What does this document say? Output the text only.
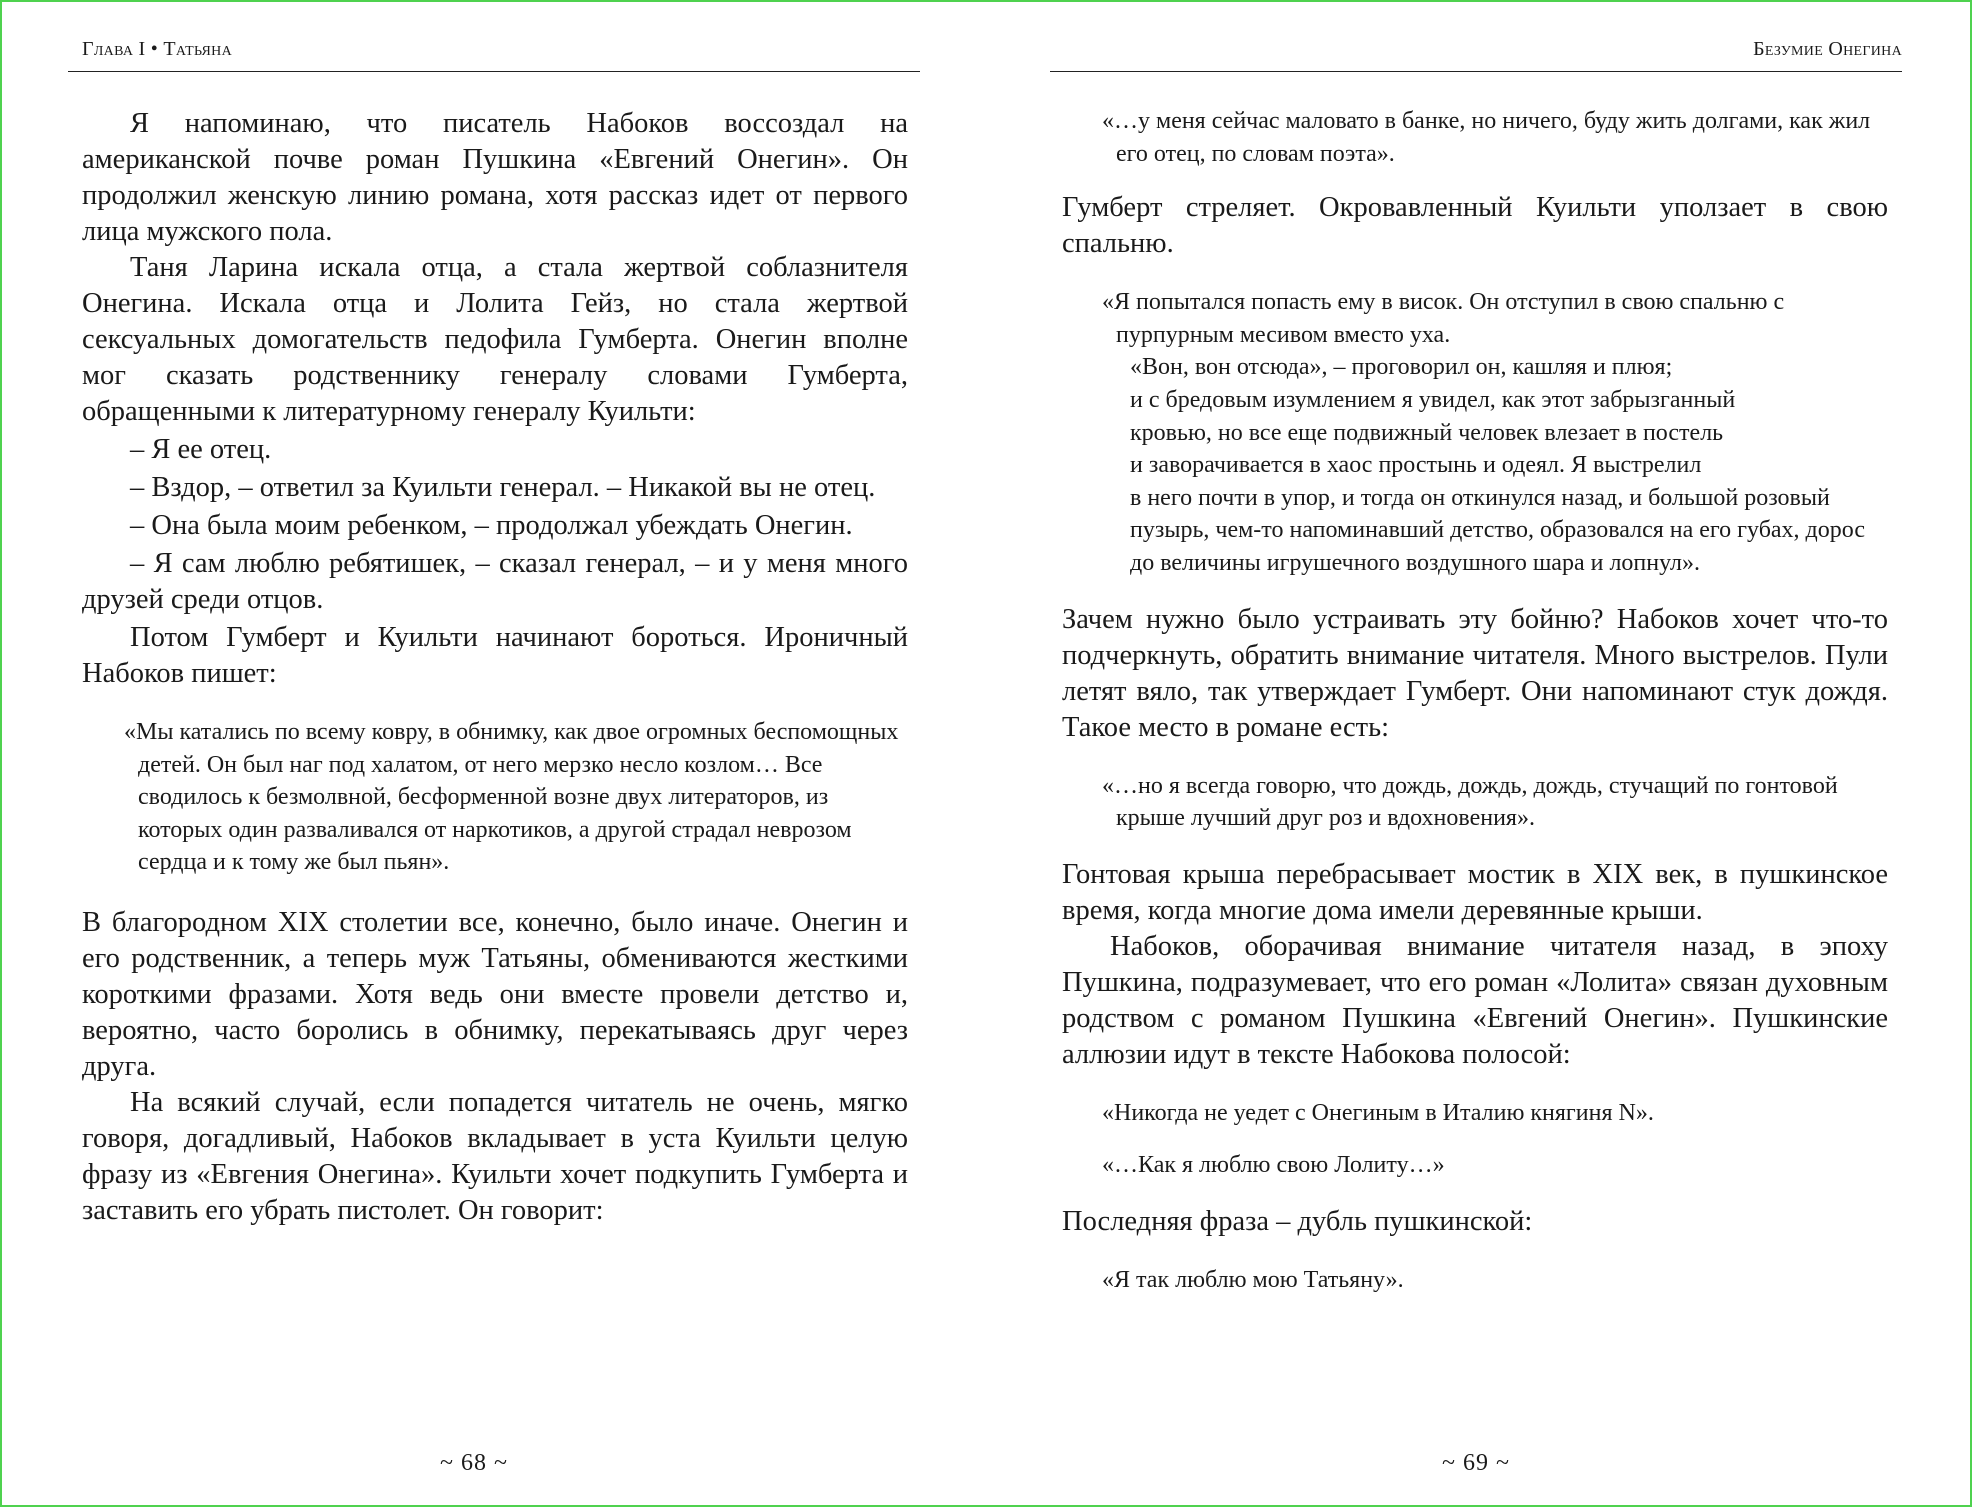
Глава I • Татьяна

Я напоминаю, что писатель Набоков воссоздал на американской почве роман Пушкина «Евгений Онегин». Он продолжил женскую линию романа, хотя рассказ идет от первого лица мужского пола.

Таня Ларина искала отца, а стала жертвой соблазнителя Онегина. Искала отца и Лолита Гейз, но стала жертвой сексуальных домогательств педофила Гумберта. Онегин вполне мог сказать родственнику генералу словами Гумберта, обращенными к литературному генералу Куильти:

– Я ее отец.

– Вздор, – ответил за Куильти генерал. – Никакой вы не отец.

– Она была моим ребенком, – продолжал убеждать Онегин.

– Я сам люблю ребятишек, – сказал генерал, – и у меня много друзей среди отцов.

Потом Гумберт и Куильти начинают бороться. Ироничный Набоков пишет:

«Мы катались по всему ковру, в обнимку, как двое огромных беспомощных детей. Он был наг под халатом, от него мерзко несло козлом… Все сводилось к безмолвной, бесформенной возне двух литераторов, из которых один разваливался от наркотиков, а другой страдал неврозом сердца и к тому же был пьян».

В благородном XIX столетии все, конечно, было иначе. Онегин и его родственник, а теперь муж Татьяны, обмениваются жесткими короткими фразами. Хотя ведь они вместе провели детство и, вероятно, часто боролись в обнимку, перекатываясь друг через друга.

На всякий случай, если попадется читатель не очень, мягко говоря, догадливый, Набоков вкладывает в уста Куильти целую фразу из «Евгения Онегина». Куильти хочет подкупить Гумберта и заставить его убрать пистолет. Он говорит:

~ 68 ~
Безумие Онегина
«…у меня сейчас маловато в банке, но ничего, буду жить долгами, как жил его отец, по словам поэта».

Гумберт стреляет. Окровавленный Куильти уползает в свою спальню.

«Я попытался попасть ему в висок. Он отступил в свою спальню с пурпурным месивом вместо уха.
«Вон, вон отсюда», – проговорил он, кашляя и плюя;
и с бредовым изумлением я увидел, как этот забрызганный
кровью, но все еще подвижный человек влезает в постель
и заворачивается в хаос простынь и одеял. Я выстрелил
в него почти в упор, и тогда он откинулся назад, и большой розовый пузырь, чем-то напоминавший детство, образовался на его губах, дорос до величины игрушечного воздушного шара и лопнул».

Зачем нужно было устраивать эту бойню? Набоков хочет что-то подчеркнуть, обратить внимание читателя. Много выстрелов. Пули летят вяло, так утверждает Гумберт. Они напоминают стук дождя. Такое место в романе есть:

«…но я всегда говорю, что дождь, дождь, дождь, стучащий по гонтовой крыше лучший друг роз и вдохновения».

Гонтовая крыша перебрасывает мостик в XIX век, в пушкинское время, когда многие дома имели деревянные крыши.

Набоков, оборачивая внимание читателя назад, в эпоху Пушкина, подразумевает, что его роман «Лолита» связан духовным родством с романом Пушкина «Евгений Онегин». Пушкинские аллюзии идут в тексте Набокова полосой:

«Никогда не уедет с Онегиным в Италию княгиня N».
«…Как я люблю свою Лолиту…»

Последняя фраза – дубль пушкинской:

«Я так люблю мою Татьяну».
~ 69 ~
